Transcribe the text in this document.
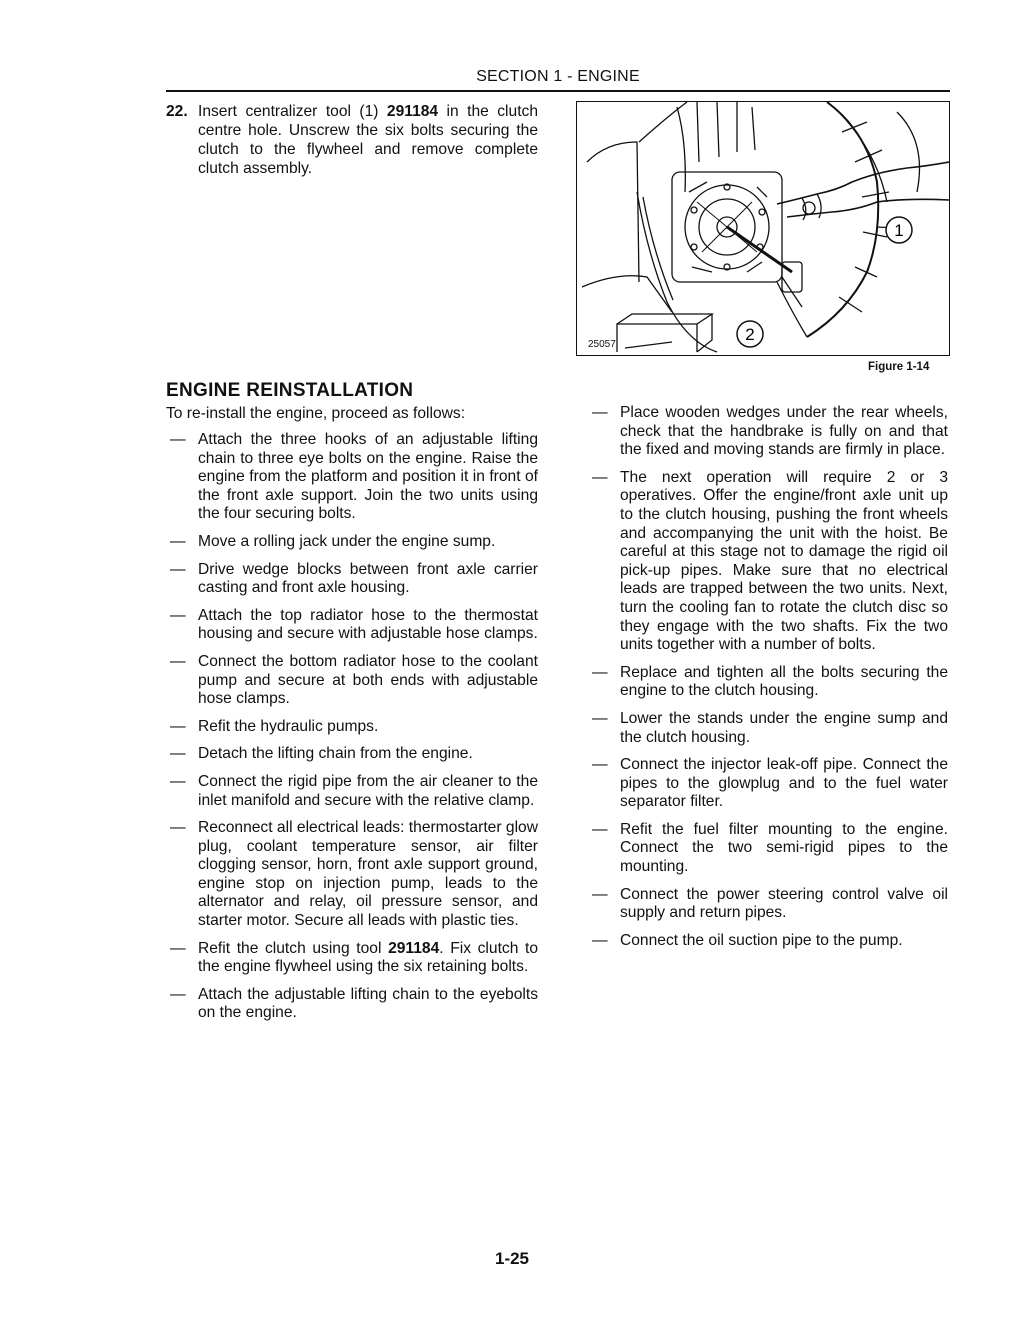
SECTION 1 - ENGINE
22. Insert centralizer tool (1) 291184 in the clutch centre hole. Unscrew the six bolts securing the clutch to the flywheel and remove complete clutch assembly.
1
2
25057
Figure 1-14
ENGINE REINSTALLATION
To re-install the engine, proceed as follows:
— Attach the three hooks of an adjustable lifting chain to three eye bolts on the engine. Raise the engine from the platform and position it in front of the front axle support. Join the two units using the four securing bolts.
— Move a rolling jack under the engine sump.
— Drive wedge blocks between front axle carrier casting and front axle housing.
— Attach the top radiator hose to the thermostat housing and secure with adjustable hose clamps.
— Connect the bottom radiator hose to the coolant pump and secure at both ends with adjustable hose clamps.
— Refit the hydraulic pumps.
— Detach the lifting chain from the engine.
— Connect the rigid pipe from the air cleaner to the inlet manifold and secure with the relative clamp.
— Reconnect all electrical leads: thermostarter glow plug, coolant temperature sensor, air filter clogging sensor, horn, front axle support ground, engine stop on injection pump, leads to the alternator and relay, oil pressure sensor, and starter motor. Secure all leads with plastic ties.
— Refit the clutch using tool 291184. Fix clutch to the engine flywheel using the six retaining bolts.
— Attach the adjustable lifting chain to the eyebolts on the engine.
— Place wooden wedges under the rear wheels, check that the handbrake is fully on and that the fixed and moving stands are firmly in place.
— The next operation will require 2 or 3 operatives. Offer the engine/front axle unit up to the clutch housing, pushing the front wheels and accompanying the unit with the hoist. Be careful at this stage not to damage the rigid oil pick-up pipes. Make sure that no electrical leads are trapped between the two units. Next, turn the cooling fan to rotate the clutch disc so they engage with the two shafts. Fix the two units together with a number of bolts.
— Replace and tighten all the bolts securing the engine to the clutch housing.
— Lower the stands under the engine sump and the clutch housing.
— Connect the injector leak-off pipe. Connect the pipes to the glowplug and to the fuel water separator filter.
— Refit the fuel filter mounting to the engine. Connect the two semi-rigid pipes to the mounting.
— Connect the power steering control valve oil supply and return pipes.
— Connect the oil suction pipe to the pump.
1-25
